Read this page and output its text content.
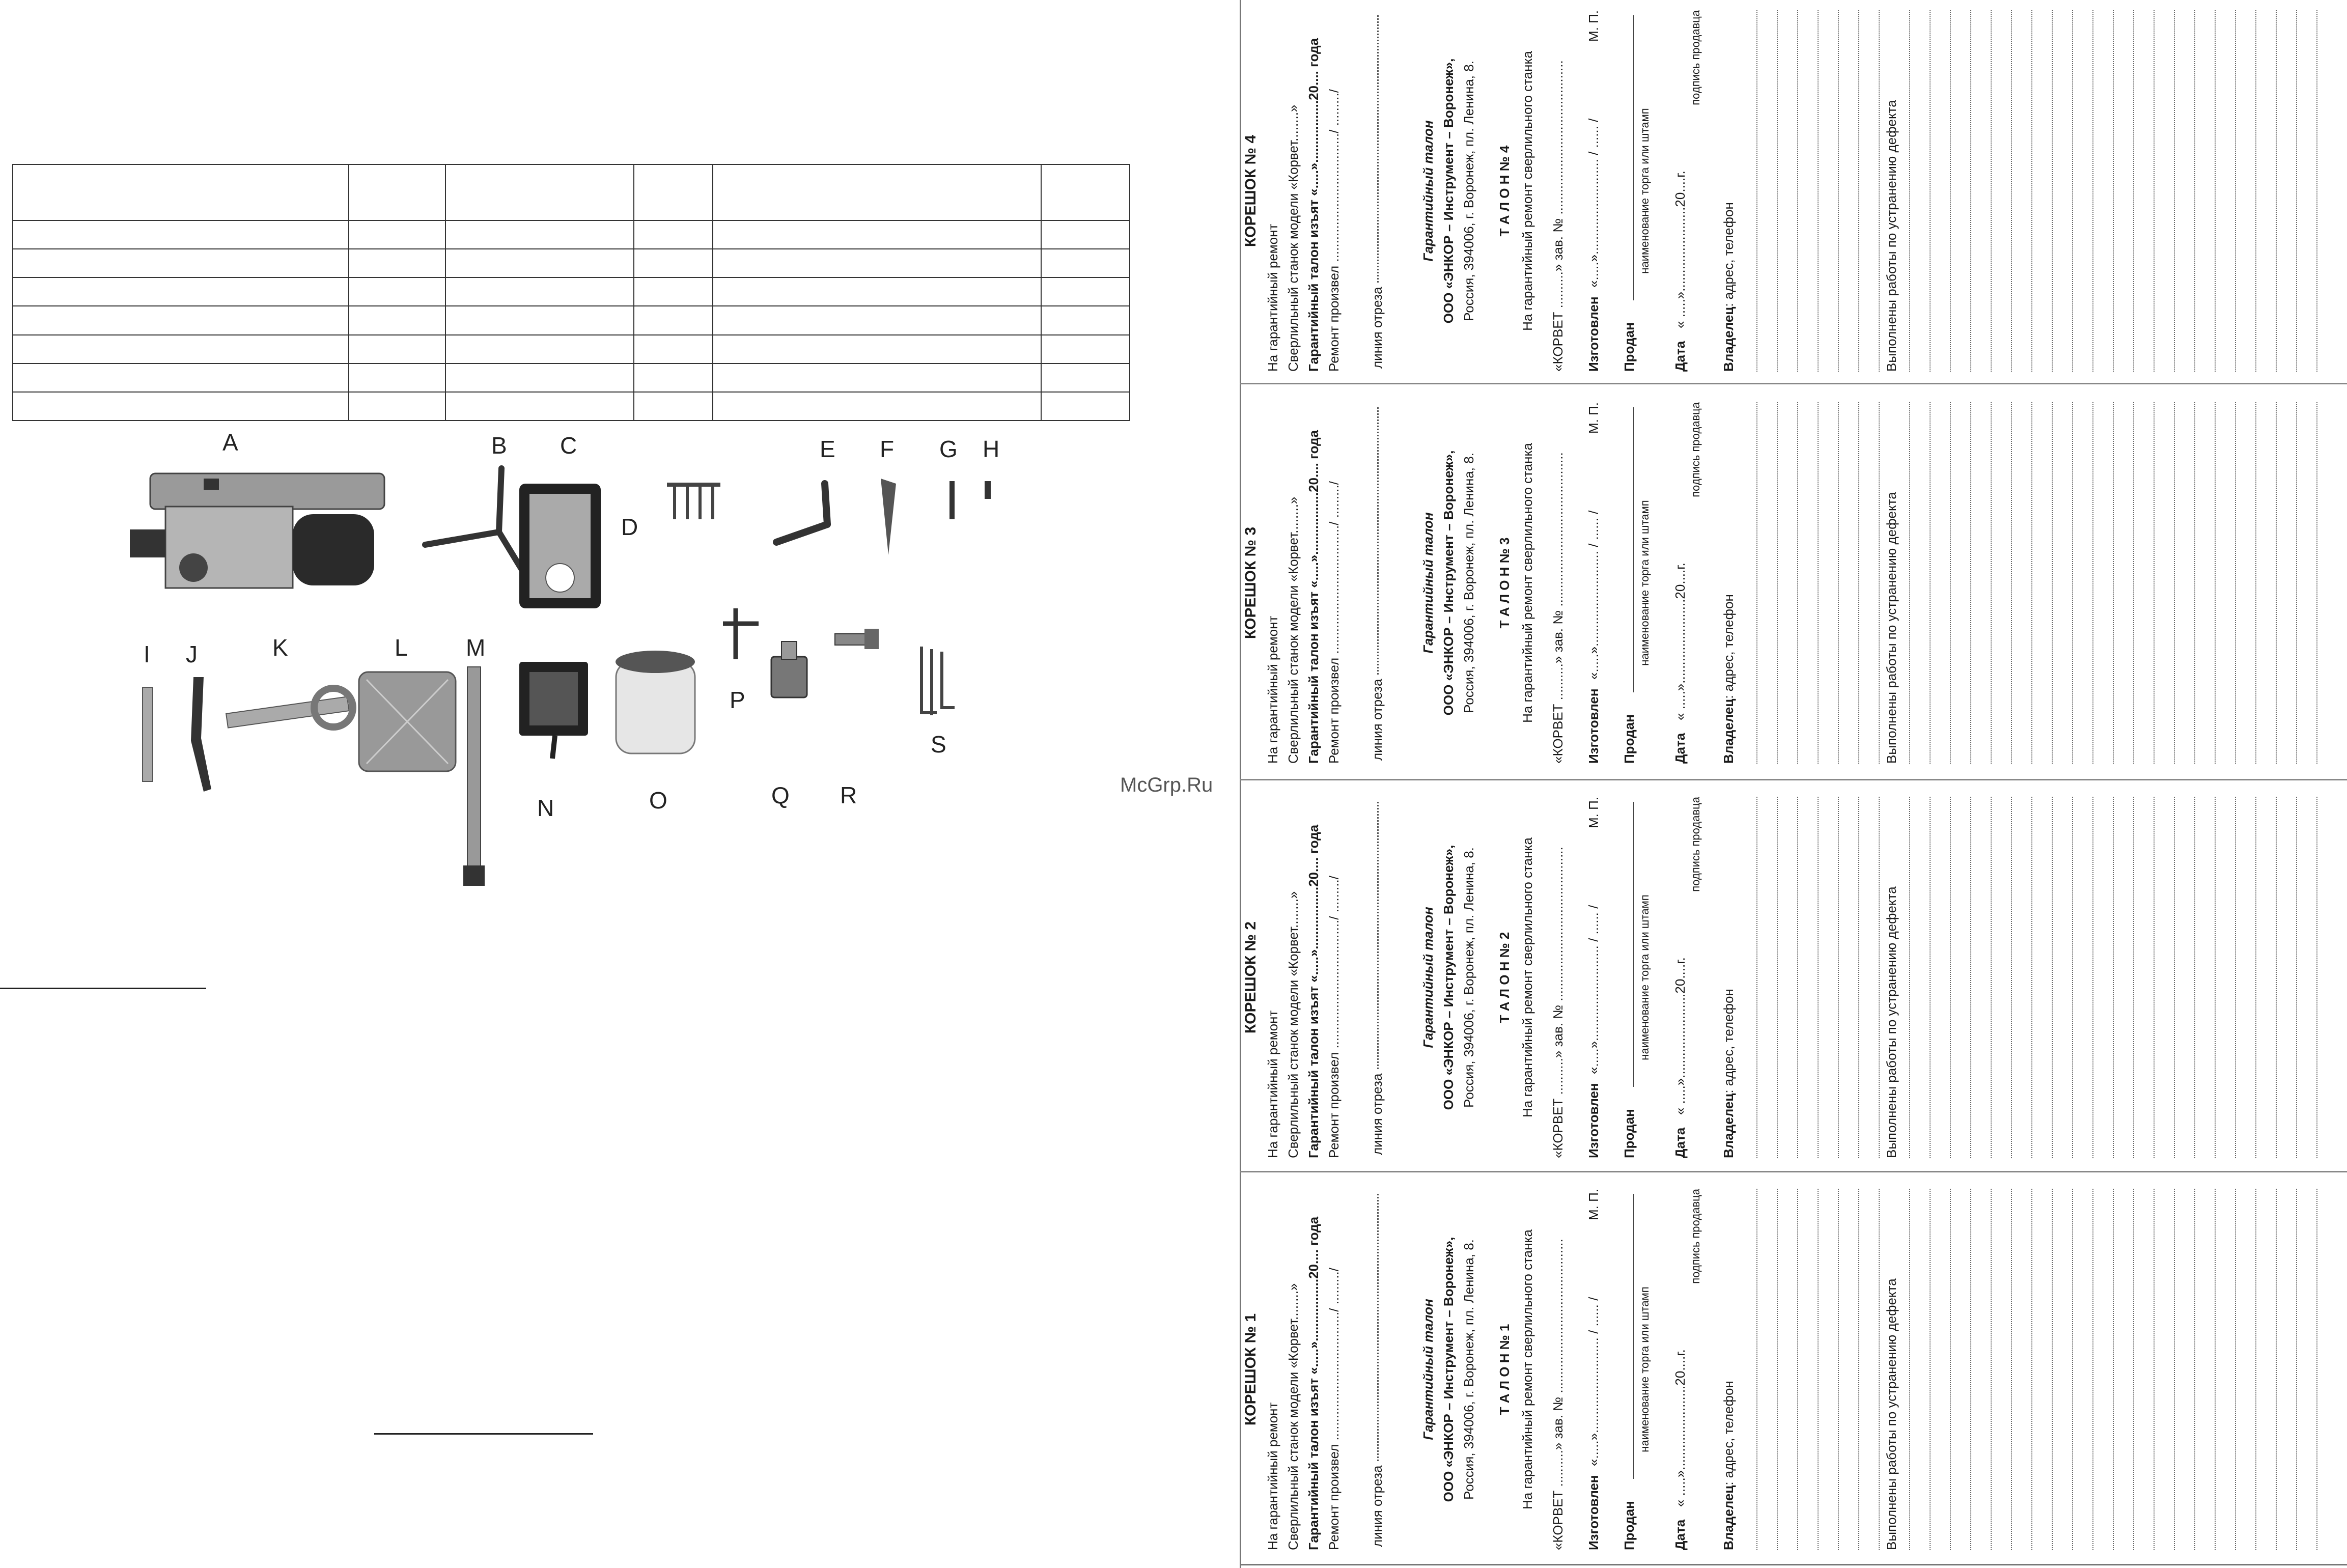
A	B C
D
E F G H
I J	K	L M
N	O
P
Q R
S
McGrp.Ru
КОРЕШОК № 4
На гарантийный ремонт Сверлильный станок модели «Корвет........» Гарантийный талон изъят «.....».................20.... года Ремонт произвел .................................../ ........./ линия отреза
Гарантийный талон ООО «ЭНКОР – Инструмент – Воронеж», Россия, 394006, г. Воронеж, пл. Ленина, 8. Т А Л О Н № 4 На гарантийный ремонт сверлильного станка «КОРВЕТ ..........» зав. № .......................................... Изготовлен
«.....».......................... / ...... /
М. П.
Продан
наименование торга или штамп
Дата
« .....».......................20....г.
подпись продавца
Владелец: адрес, телефон	Выполнены работы по устранению дефекта
КОРЕШОК № 3
На гарантийный ремонт Сверлильный станок модели «Корвет........» Гарантийный талон изъят «.....».................20.... года Ремонт произвел .................................../ ........./ линия отреза
Гарантийный талон ООО «ЭНКОР – Инструмент – Воронеж», Россия, 394006, г. Воронеж, пл. Ленина, 8. Т А Л О Н № 3 На гарантийный ремонт сверлильного станка «КОРВЕТ ..........» зав. № .......................................... Изготовлен
«.....».......................... / ...... /
М. П.
Продан
наименование торга или штамп
Дата
« .....».......................20....г.
подпись продавца
Владелец: адрес, телефон	Выполнены работы по устранению дефекта
КОРЕШОК № 2
На гарантийный ремонт Сверлильный станок модели «Корвет........» Гарантийный талон изъят «.....».................20.... года Ремонт произвел .................................../ ........./ линия отреза
Гарантийный талон ООО «ЭНКОР – Инструмент – Воронеж», Россия, 394006, г. Воронеж, пл. Ленина, 8. Т А Л О Н № 2 На гарантийный ремонт сверлильного станка «КОРВЕТ ..........» зав. № .......................................... Изготовлен
«.....».......................... / ...... /
М. П.
Продан
наименование торга или штамп
Дата
« .....».......................20....г.
подпись продавца
Владелец: адрес, телефон	Выполнены работы по устранению дефекта
КОРЕШОК № 1
На гарантийный ремонт Сверлильный станок модели «Корвет........» Гарантийный талон изъят «.....».................20.... года Ремонт произвел .................................../ ........./ линия отреза
Гарантийный талон ООО «ЭНКОР – Инструмент – Воронеж», Россия, 394006, г. Воронеж, пл. Ленина, 8. Т А Л О Н № 1 На гарантийный ремонт сверлильного станка «КОРВЕТ ..........» зав. № .......................................... Изготовлен
«.....».......................... / ...... /
М. П.
Продан
наименование торга или штамп
Дата
« .....».......................20....г.
подпись продавца
Владелец: адрес, телефон	Выполнены работы по устранению дефекта
